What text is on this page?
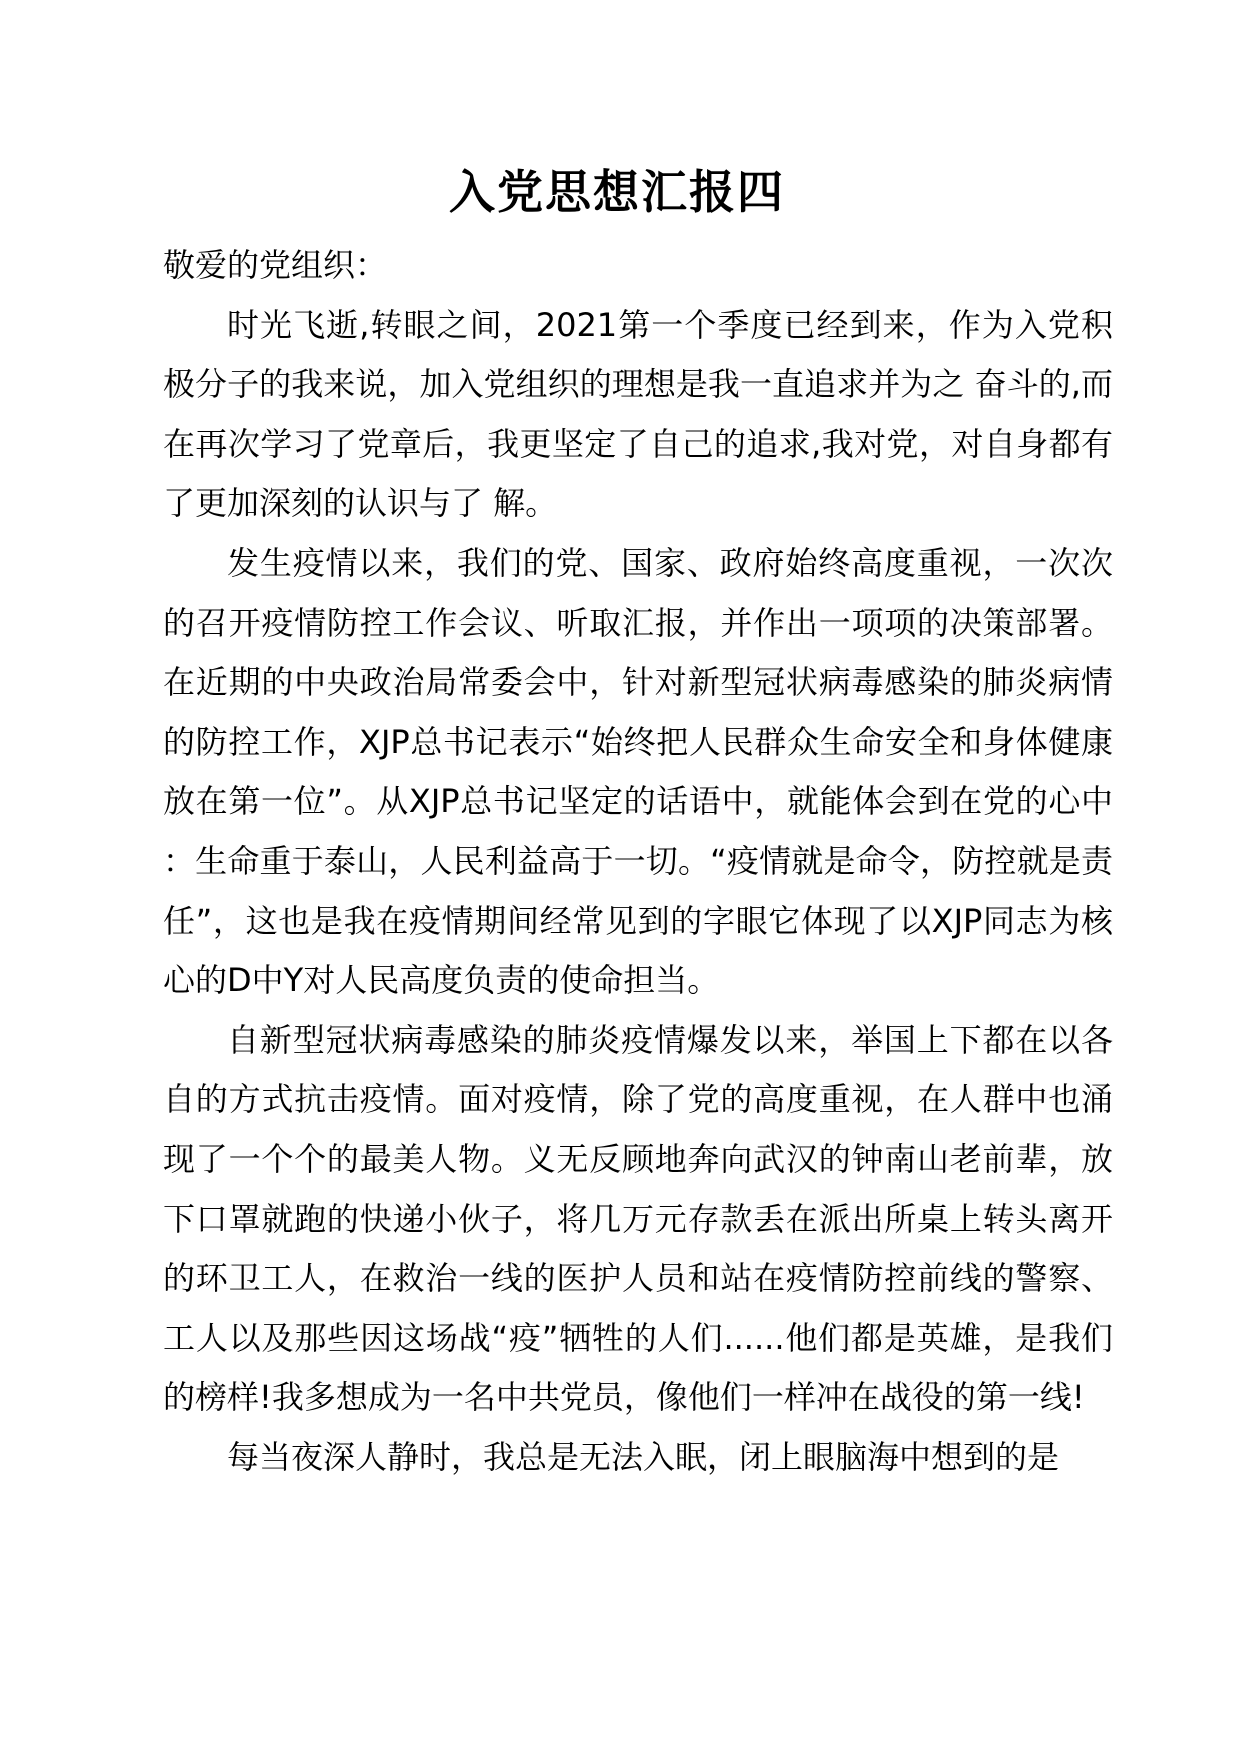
入党思想汇报四

敬爱的党组织：

时光飞逝,转眼之间，2021第一个季度已经到来，作为入党积极分子的我来说，加入党组织的理想是我一直追求并为之 奋斗的,而在再次学习了党章后，我更坚定了自己的追求,我对党，对自身都有了更加深刻的认识与了 解。

发生疫情以来，我们的党、国家、政府始终高度重视，一次次的召开疫情防控工作会议、听取汇报，并作出一项项的决策部署。在近期的中央政治局常委会中，针对新型冠状病毒感染的肺炎病情的防控工作，XJP总书记表示“始终把人民群众生命安全和身体健康放在第一位”。从XJP总书记坚定的话语中，就能体会到在党的心中：生命重于泰山，人民利益高于一切。“疫情就是命令，防控就是责任”，这也是我在疫情期间经常见到的字眼它体现了以XJP同志为核心的D中Y对人民高度负责的使命担当。

自新型冠状病毒感染的肺炎疫情爆发以来，举国上下都在以各自的方式抗击疫情。面对疫情，除了党的高度重视，在人群中也涌现了一个个的最美人物。义无反顾地奔向武汉的钟南山老前辈，放下口罩就跑的快递小伙子，将几万元存款丢在派出所桌上转头离开的环卫工人，在救治一线的医护人员和站在疫情防控前线的警察、工人以及那些因这场战“疫”牺牲的人们......他们都是英雄，是我们的榜样!我多想成为一名中共党员，像他们一样冲在战役的第一线!

每当夜深人静时，我总是无法入眠，闭上眼脑海中想到的是
